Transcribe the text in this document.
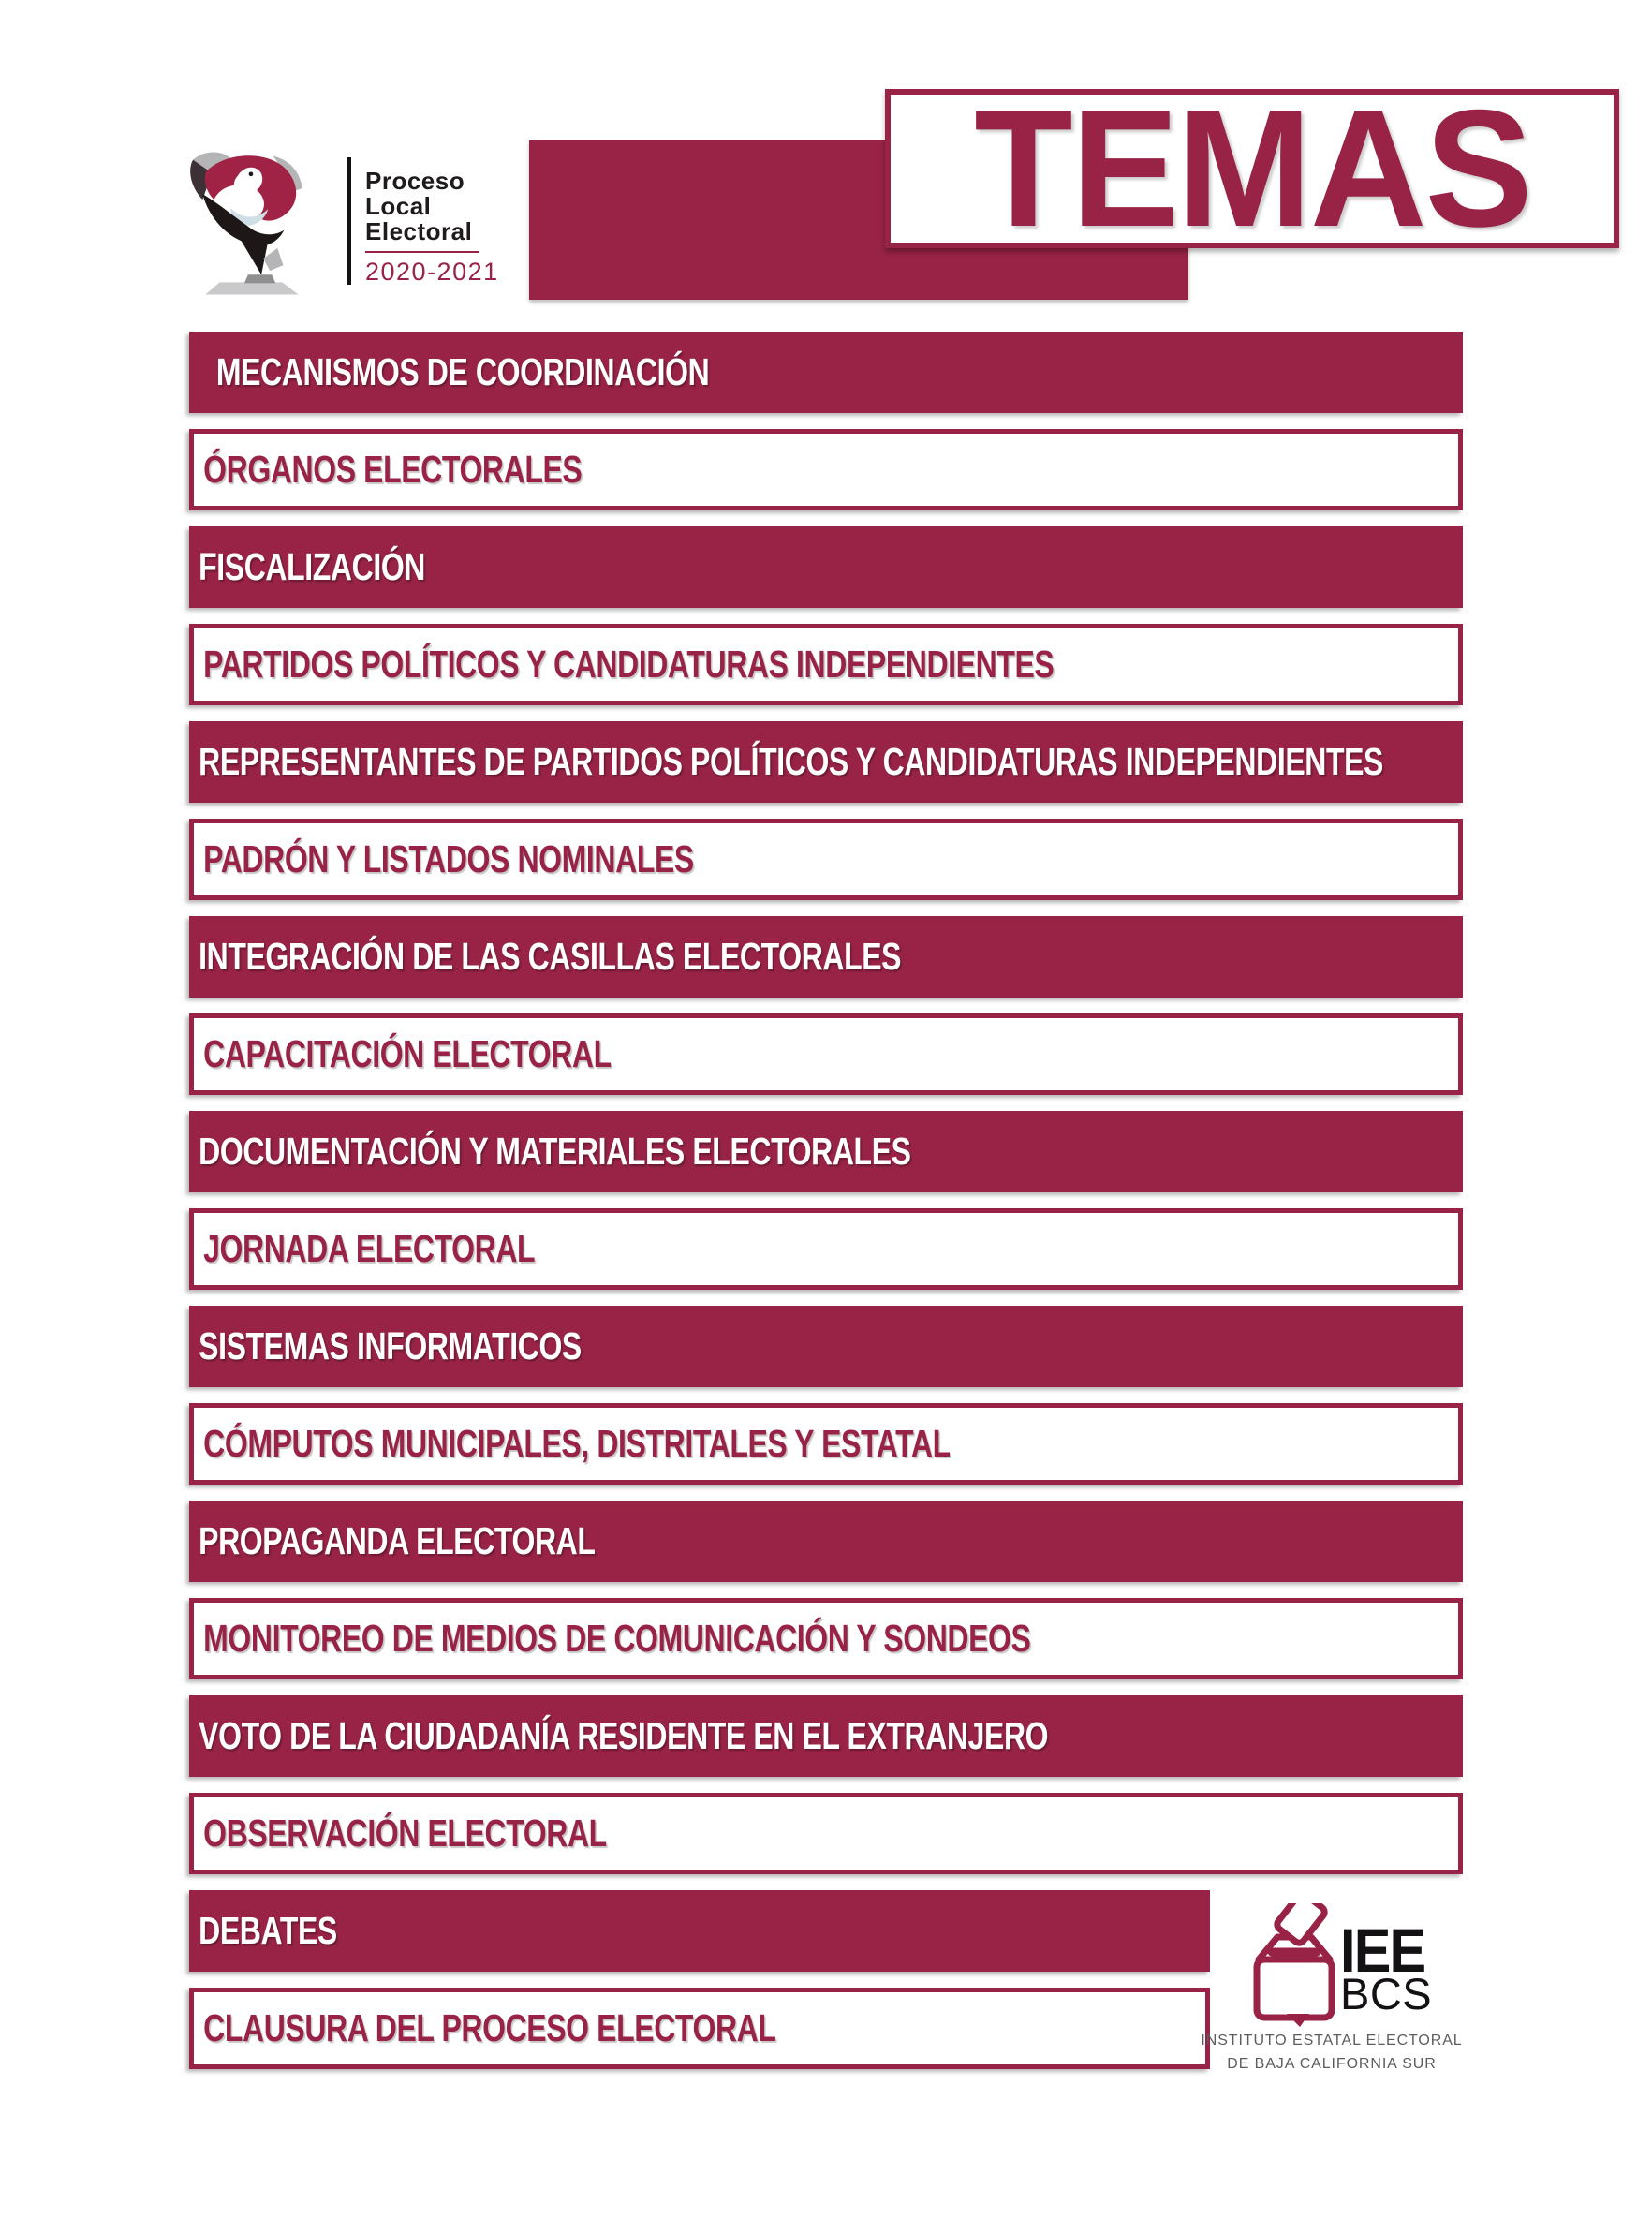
Proceso
Local
Electoral
2020-2021
TEMAS
MECANISMOS DE COORDINACIÓN
ÓRGANOS ELECTORALES
FISCALIZACIÓN
PARTIDOS POLÍTICOS Y CANDIDATURAS INDEPENDIENTES
REPRESENTANTES DE PARTIDOS POLÍTICOS Y CANDIDATURAS INDEPENDIENTES
PADRÓN Y LISTADOS NOMINALES
INTEGRACIÓN DE LAS CASILLAS ELECTORALES
CAPACITACIÓN ELECTORAL
DOCUMENTACIÓN Y MATERIALES ELECTORALES
JORNADA ELECTORAL
SISTEMAS INFORMATICOS
CÓMPUTOS MUNICIPALES, DISTRITALES Y ESTATAL
PROPAGANDA ELECTORAL
MONITOREO DE MEDIOS DE COMUNICACIÓN Y SONDEOS
VOTO DE LA CIUDADANÍA RESIDENTE EN EL EXTRANJERO
OBSERVACIÓN ELECTORAL
DEBATES
CLAUSURA DEL PROCESO ELECTORAL
IEE
BCS
INSTITUTO ESTATAL ELECTORAL
DE BAJA CALIFORNIA SUR
